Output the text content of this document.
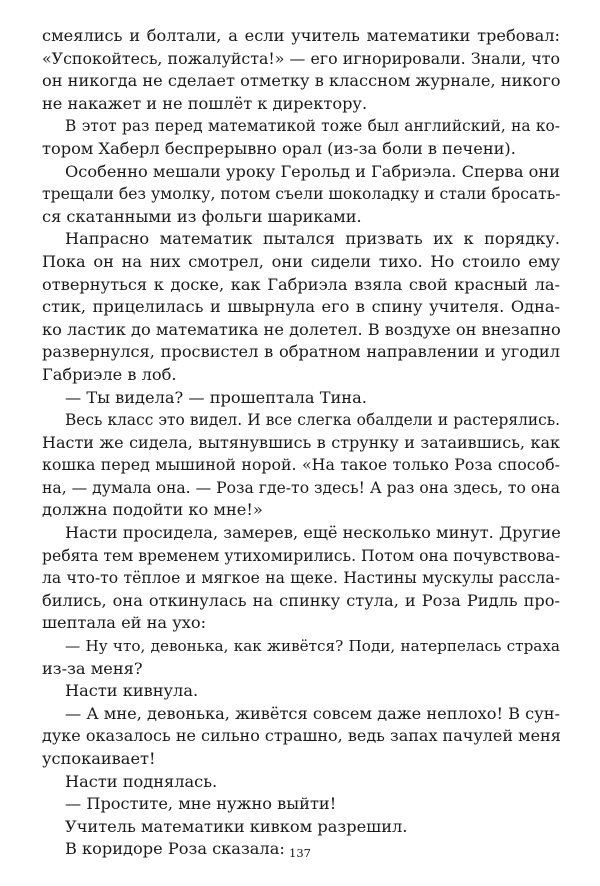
смеялись и болтали, а если учитель математики требовал:
«Успокойтесь, пожалуйста!» — его игнорировали. Знали, что
он никогда не сделает отметку в классном журнале, никого
не накажет и не пошлёт к директору.
В этот раз перед математикой тоже был английский, на ко-
тором Хаберл беспрерывно орал (из-за боли в печени).
Особенно мешали уроку Герольд и Габриэла. Сперва они
трещали без умолку, потом съели шоколадку и стали бросать-
ся скатанными из фольги шариками.
Напрасно математик пытался призвать их к порядку.
Пока он на них смотрел, они сидели тихо. Но стоило ему
отвернуться к доске, как Габриэла взяла свой красный ла-
стик, прицелилась и швырнула его в спину учителя. Одна-
ко ластик до математика не долетел. В воздухе он внезапно
развернулся, просвистел в обратном направлении и угодил
Габриэле в лоб.
— Ты видела? — прошептала Тина.
Весь класс это видел. И все слегка обалдели и растерялись.
Насти же сидела, вытянувшись в струнку и затаившись, как
кошка перед мышиной норой. «На такое только Роза способ-
на, — думала она. — Роза где-то здесь! А раз она здесь, то она
должна подойти ко мне!»
Насти просидела, замерев, ещё несколько минут. Другие
ребята тем временем утихомирились. Потом она почувствова-
ла что-то тёплое и мягкое на щеке. Настины мускулы рассла-
бились, она откинулась на спинку стула, и Роза Ридль про-
шептала ей на ухо:
— Ну что, девонька, как живётся? Поди, натерпелась страха
из-за меня?
Насти кивнула.
— А мне, девонька, живётся совсем даже неплохо! В сун-
дуке оказалось не сильно страшно, ведь запах пачулей меня
успокаивает!
Насти поднялась.
— Простите, мне нужно выйти!
Учитель математики кивком разрешил.
В коридоре Роза сказала: 137
